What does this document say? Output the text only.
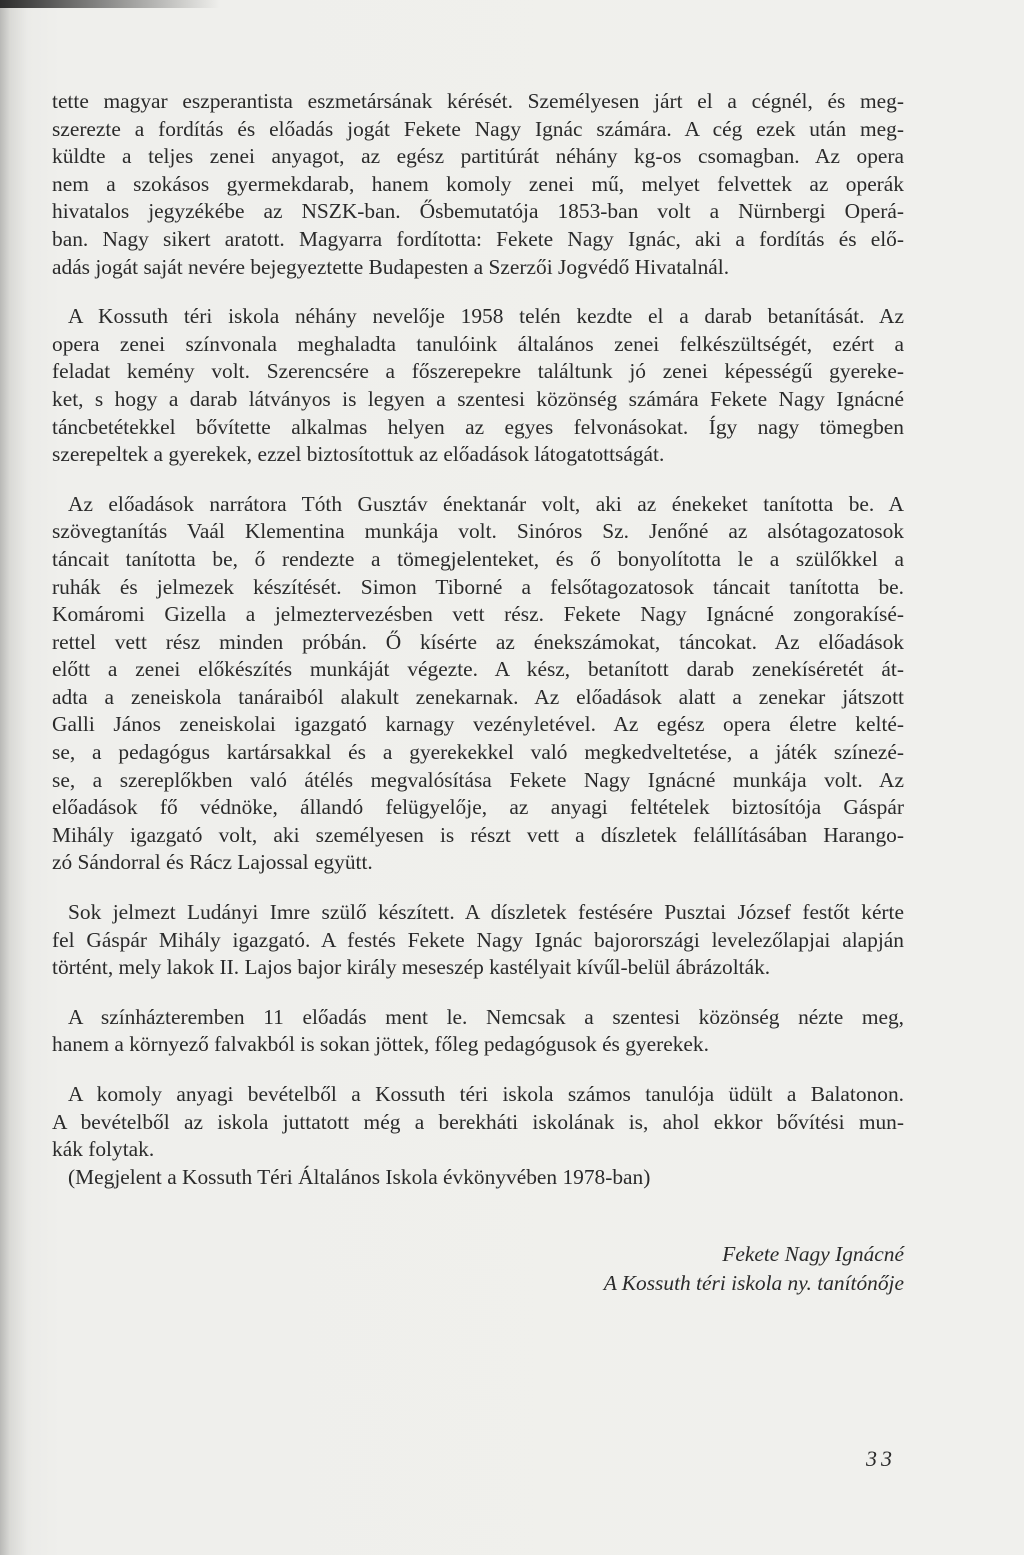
tette magyar eszperantista eszmetársának kérését. Személyesen járt el a cégnél, és meg-

szerezte a fordítás és előadás jogát Fekete Nagy Ignác számára. A cég ezek után meg-

küldte a teljes zenei anyagot, az egész partitúrát néhány kg-os csomagban. Az opera

nem a szokásos gyermekdarab, hanem komoly zenei mű, melyet felvettek az operák

hivatalos jegyzékébe az NSZK-ban. Ősbemutatója 1853-ban volt a Nürnbergi Operá-

ban. Nagy sikert aratott. Magyarra fordította: Fekete Nagy Ignác, aki a fordítás és elő-

adás jogát saját nevére bejegyeztette Budapesten a Szerzői Jogvédő Hivatalnál.

A Kossuth téri iskola néhány nevelője 1958 telén kezdte el a darab betanítását. Az

opera zenei színvonala meghaladta tanulóink általános zenei felkészültségét, ezért a

feladat kemény volt. Szerencsére a főszerepekre találtunk jó zenei képességű gyereke-

ket, s hogy a darab látványos is legyen a szentesi közönség számára Fekete Nagy Ignácné

táncbetétekkel bővítette alkalmas helyen az egyes felvonásokat. Így nagy tömegben

szerepeltek a gyerekek, ezzel biztosítottuk az előadások látogatottságát.

Az előadások narrátora Tóth Gusztáv énektanár volt, aki az énekeket tanította be. A

szövegtanítás Vaál Klementina munkája volt. Sinóros Sz. Jenőné az alsótagozatosok

táncait tanította be, ő rendezte a tömegjelenteket, és ő bonyolította le a szülőkkel a

ruhák és jelmezek készítését. Simon Tiborné a felsőtagozatosok táncait tanította be.

Komáromi Gizella a jelmeztervezésben vett rész. Fekete Nagy Ignácné zongorakísé-

rettel vett rész minden próbán. Ő kísérte az énekszámokat, táncokat. Az előadások

előtt a zenei előkészítés munkáját végezte. A kész, betanított darab zenekíséretét át-

adta a zeneiskola tanáraiból alakult zenekarnak. Az előadások alatt a zenekar játszott

Galli János zeneiskolai igazgató karnagy vezényletével. Az egész opera életre kelté-

se, a pedagógus kartársakkal és a gyerekekkel való megkedveltetése, a játék színezé-

se, a szereplőkben való átélés megvalósítása Fekete Nagy Ignácné munkája volt. Az

előadások fő védnöke, állandó felügyelője, az anyagi feltételek biztosítója Gáspár

Mihály igazgató volt, aki személyesen is részt vett a díszletek felállításában Harango-

zó Sándorral és Rácz Lajossal együtt.

Sok jelmezt Ludányi Imre szülő készített. A díszletek festésére Pusztai József festőt kérte

fel Gáspár Mihály igazgató. A festés Fekete Nagy Ignác bajorországi levelezőlapjai alapján

történt, mely lakok II. Lajos bajor király meseszép kastélyait kívűl-belül ábrázolták.

A színházteremben 11 előadás ment le. Nemcsak a szentesi közönség nézte meg,

hanem a környező falvakból is sokan jöttek, főleg pedagógusok és gyerekek.

A komoly anyagi bevételből a Kossuth téri iskola számos tanulója üdült a Balatonon.

A bevételből az iskola juttatott még a berekháti iskolának is, ahol ekkor bővítési mun-

kák folytak.

(Megjelent a Kossuth Téri Általános Iskola évkönyvében 1978-ban)

Fekete Nagy Ignácné
A Kossuth téri iskola ny. tanítónője
33
